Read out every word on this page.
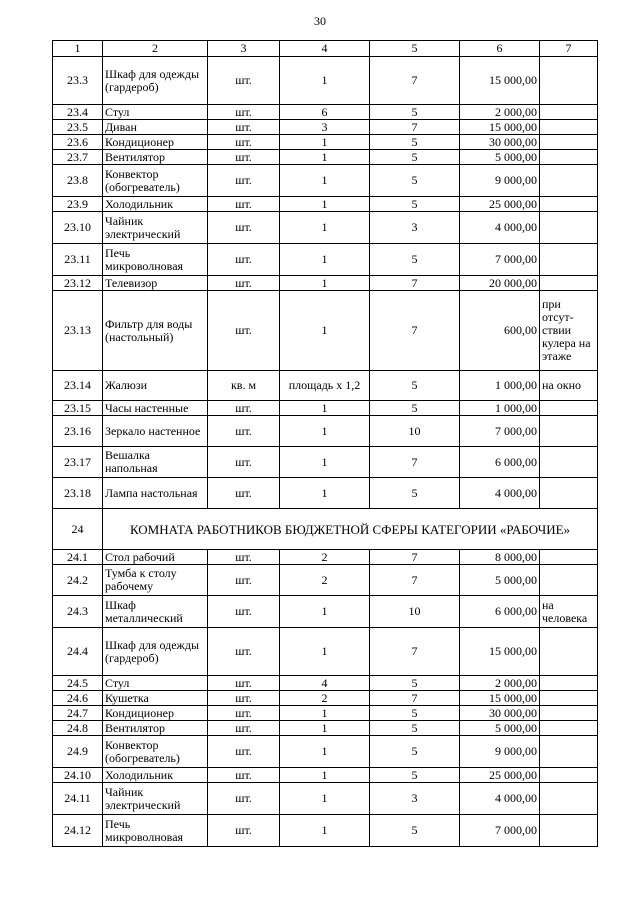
30
1	2	3	4	5	6	7
23.3	Шкаф для одежды (гардероб)	шт.	1	7	15 000,00	
23.4	Стул	шт.	6	5	2 000,00	
23.5	Диван	шт.	3	7	15 000,00	
23.6	Кондиционер	шт.	1	5	30 000,00	
23.7	Вентилятор	шт.	1	5	5 000,00	
23.8	Конвектор (обогреватель)	шт.	1	5	9 000,00	
23.9	Холодильник	шт.	1	5	25 000,00	
23.10	Чайник электрический	шт.	1	3	4 000,00	
23.11	Печь микроволновая	шт.	1	5	7 000,00	
23.12	Телевизор	шт.	1	7	20 000,00	
23.13	Фильтр для воды (настольный)	шт.	1	7	600,00	при отсут-ствии кулера на этаже
23.14	Жалюзи	кв. м	площадь х 1,2	5	1 000,00	на окно
23.15	Часы настенные	шт.	1	5	1 000,00	
23.16	Зеркало настенное	шт.	1	10	7 000,00	
23.17	Вешалка напольная	шт.	1	7	6 000,00	
23.18	Лампа настольная	шт.	1	5	4 000,00	
24	КОМНАТА РАБОТНИКОВ БЮДЖЕТНОЙ СФЕРЫ КАТЕГОРИИ «РАБОЧИЕ»					
24.1	Стол рабочий	шт.	2	7	8 000,00	
24.2	Тумба к столу рабочему	шт.	2	7	5 000,00	
24.3	Шкаф металлический	шт.	1	10	6 000,00	на человека
24.4	Шкаф для одежды (гардероб)	шт.	1	7	15 000,00	
24.5	Стул	шт.	4	5	2 000,00	
24.6	Кушетка	шт.	2	7	15 000,00	
24.7	Кондиционер	шт.	1	5	30 000,00	
24.8	Вентилятор	шт.	1	5	5 000,00	
24.9	Конвектор (обогреватель)	шт.	1	5	9 000,00	
24.10	Холодильник	шт.	1	5	25 000,00	
24.11	Чайник электрический	шт.	1	3	4 000,00	
24.12	Печь микроволновая	шт.	1	5	7 000,00	
